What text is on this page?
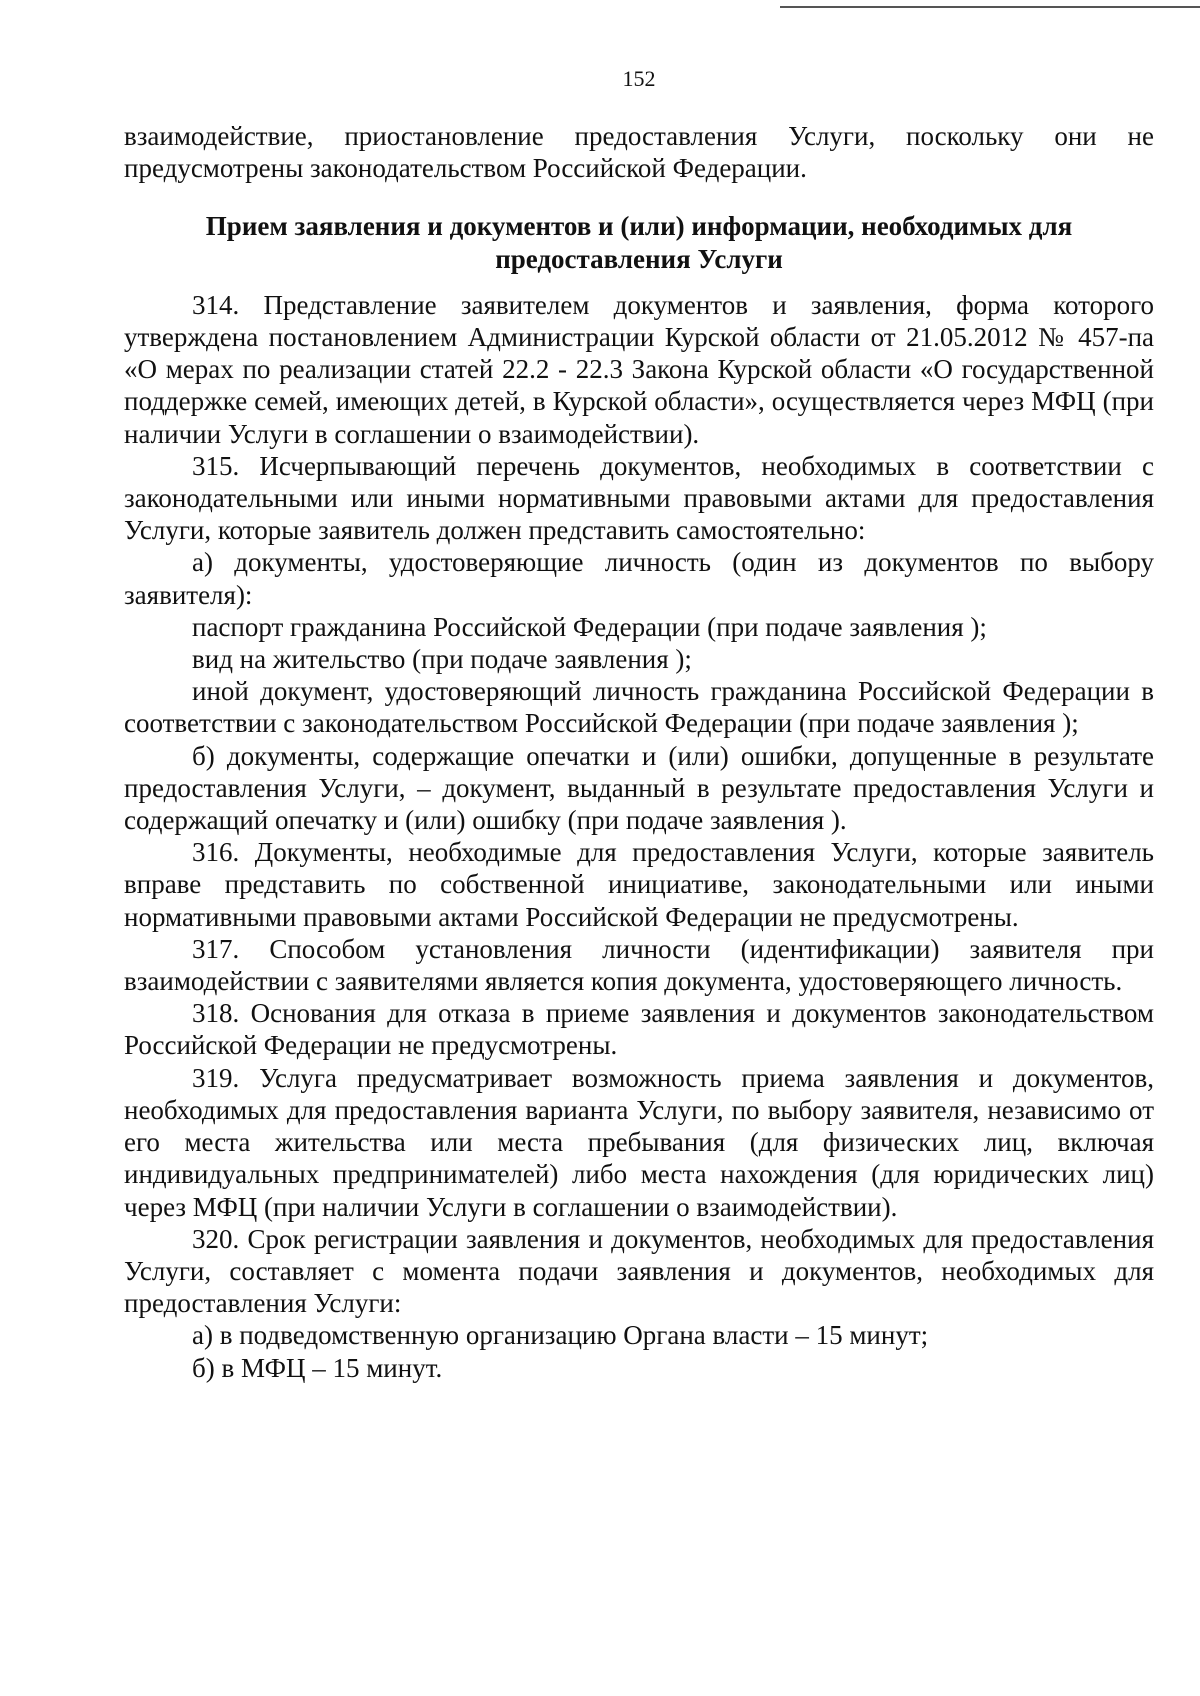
152

взаимодействие, приостановление предоставления Услуги, поскольку они не предусмотрены законодательством Российской Федерации.

Прием заявления и документов и (или) информации, необходимых для предоставления Услуги

314. Представление заявителем документов и заявления, форма которого утверждена постановлением Администрации Курской области от 21.05.2012 № 457-па «О мерах по реализации статей 22.2 - 22.3 Закона Курской области «О государственной поддержке семей, имеющих детей, в Курской области», осуществляется через МФЦ (при наличии Услуги в соглашении о взаимодействии).

315. Исчерпывающий перечень документов, необходимых в соответствии с законодательными или иными нормативными правовыми актами для предоставления Услуги, которые заявитель должен представить самостоятельно:

а) документы, удостоверяющие личность (один из документов по выбору заявителя):

паспорт гражданина Российской Федерации (при подаче заявления );

вид на жительство (при подаче заявления );

иной документ, удостоверяющий личность гражданина Российской Федерации в соответствии с законодательством Российской Федерации (при подаче заявления );

б) документы, содержащие опечатки и (или) ошибки, допущенные в результате предоставления Услуги, – документ, выданный в результате предоставления Услуги и содержащий опечатку и (или) ошибку (при подаче заявления ).

316. Документы, необходимые для предоставления Услуги, которые заявитель вправе представить по собственной инициативе, законодательными или иными нормативными правовыми актами Российской Федерации не предусмотрены.

317. Способом установления личности (идентификации) заявителя при взаимодействии с заявителями является копия документа, удостоверяющего личность.

318. Основания для отказа в приеме заявления и документов законодательством Российской Федерации не предусмотрены.

319. Услуга предусматривает возможность приема заявления и документов, необходимых для предоставления варианта Услуги, по выбору заявителя, независимо от его места жительства или места пребывания (для физических лиц, включая индивидуальных предпринимателей) либо места нахождения (для юридических лиц) через МФЦ (при наличии Услуги в соглашении о взаимодействии).

320. Срок регистрации заявления и документов, необходимых для предоставления Услуги, составляет с момента подачи заявления и документов, необходимых для предоставления Услуги:

а) в подведомственную организацию Органа власти – 15 минут;

б) в МФЦ – 15 минут.
